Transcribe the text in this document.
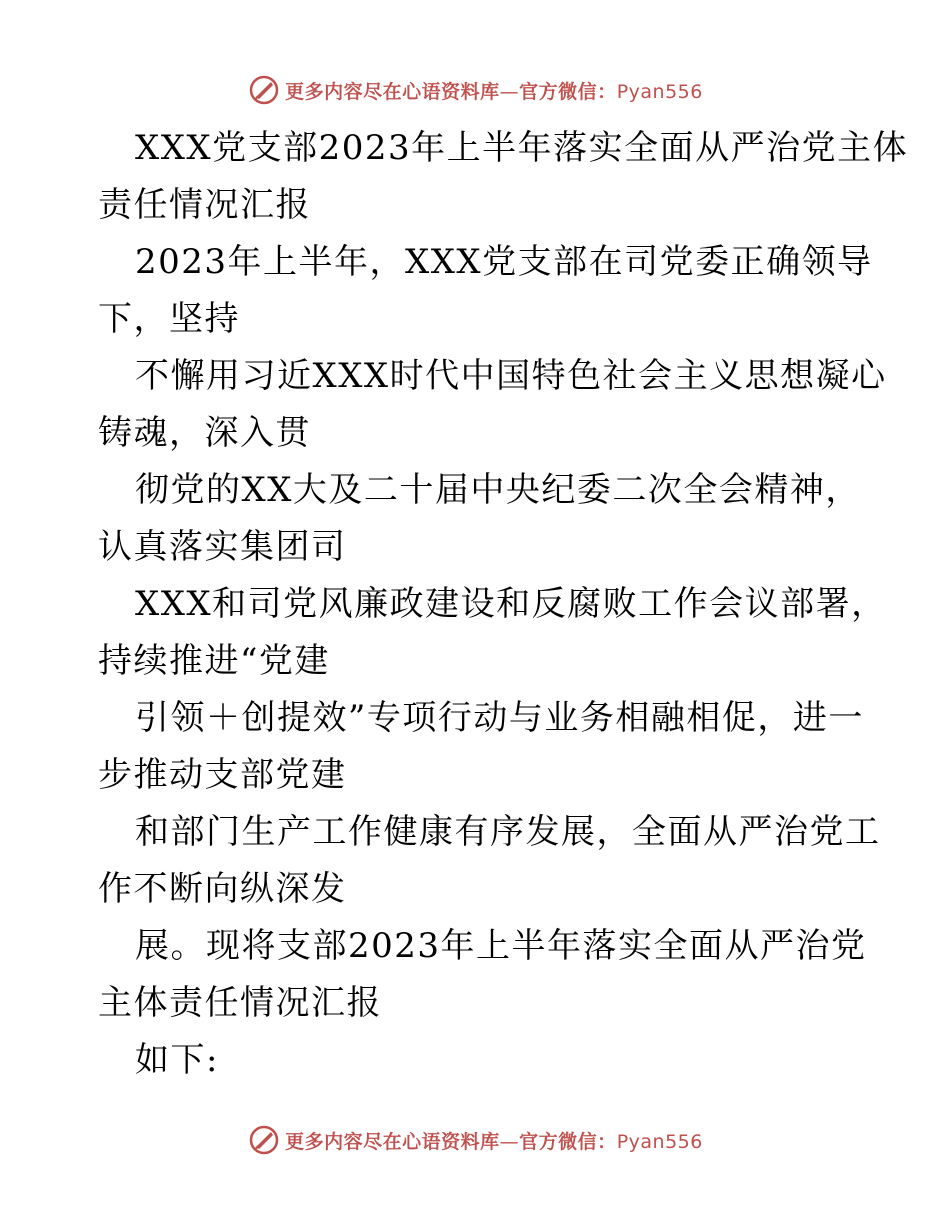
更多内容尽在心语资料库—官方微信：Pyan556
XXX党支部2023年上半年落实全面从严治党主体
责任情况汇报
2023年上半年，XXX党支部在司党委正确领导
下，坚持
不懈用习近XXX时代中国特色社会主义思想凝心
铸魂，深入贯
彻党的XX大及二十届中央纪委二次全会精神，
认真落实集团司
XXX和司党风廉政建设和反腐败工作会议部署，
持续推进“党建
引领＋创提效”专项行动与业务相融相促，进一
步推动支部党建
和部门生产工作健康有序发展，全面从严治党工
作不断向纵深发
展。现将支部2023年上半年落实全面从严治党
主体责任情况汇报
如下:
更多内容尽在心语资料库—官方微信：Pyan556
